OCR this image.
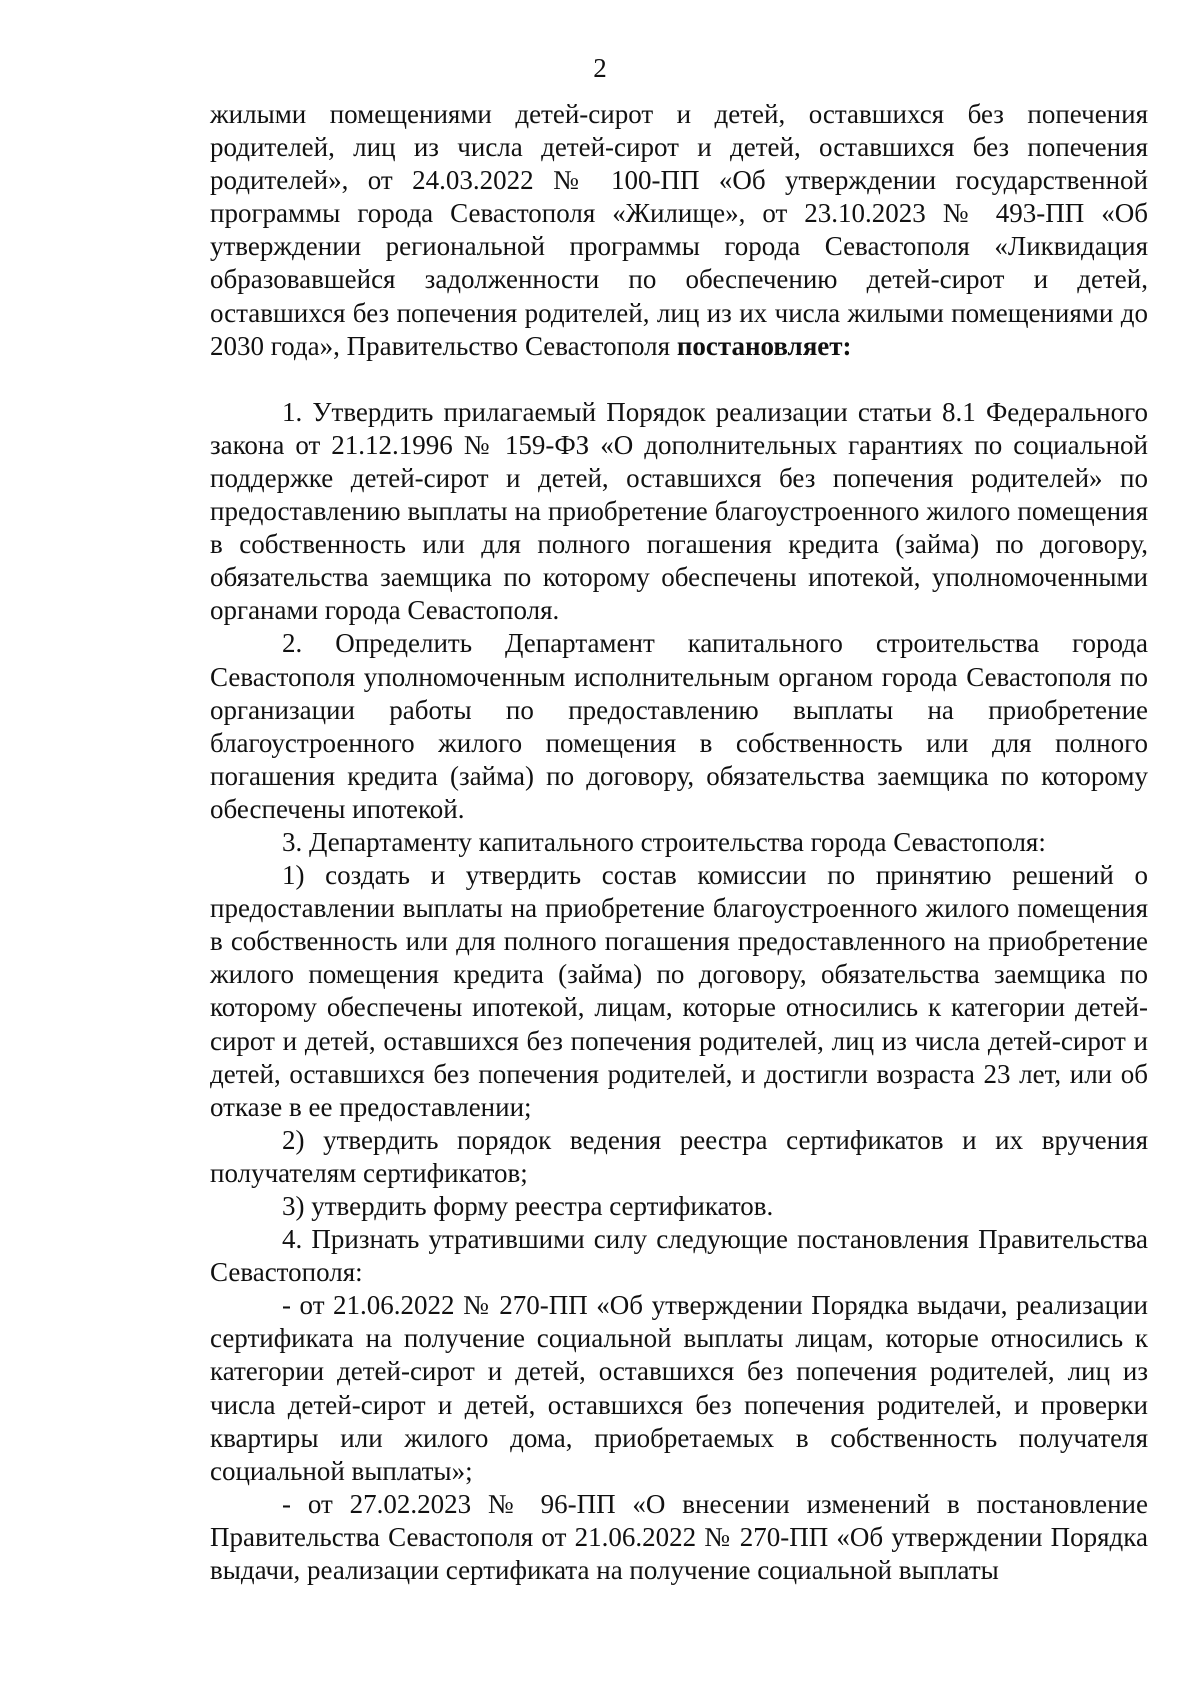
2

жилыми помещениями детей-сирот и детей, оставшихся без попечения родителей, лиц из числа детей-сирот и детей, оставшихся без попечения родителей», от 24.03.2022 № 100-ПП «Об утверждении государственной программы города Севастополя «Жилище», от 23.10.2023 № 493-ПП «Об утверждении региональной программы города Севастополя «Ликвидация образовавшейся задолженности по обеспечению детей-сирот и детей, оставшихся без попечения родителей, лиц из их числа жилыми помещениями до 2030 года», Правительство Севастополя постановляет:

1. Утвердить прилагаемый Порядок реализации статьи 8.1 Федерального закона от 21.12.1996 № 159-ФЗ «О дополнительных гарантиях по социальной поддержке детей-сирот и детей, оставшихся без попечения родителей» по предоставлению выплаты на приобретение благоустроенного жилого помещения в собственность или для полного погашения кредита (займа) по договору, обязательства заемщика по которому обеспечены ипотекой, уполномоченными органами города Севастополя.

2. Определить Департамент капитального строительства города Севастополя уполномоченным исполнительным органом города Севастополя по организации работы по предоставлению выплаты на приобретение благоустроенного жилого помещения в собственность или для полного погашения кредита (займа) по договору, обязательства заемщика по которому обеспечены ипотекой.

3. Департаменту капитального строительства города Севастополя:

1) создать и утвердить состав комиссии по принятию решений о предоставлении выплаты на приобретение благоустроенного жилого помещения в собственность или для полного погашения предоставленного на приобретение жилого помещения кредита (займа) по договору, обязательства заемщика по которому обеспечены ипотекой, лицам, которые относились к категории детей-сирот и детей, оставшихся без попечения родителей, лиц из числа детей-сирот и детей, оставшихся без попечения родителей, и достигли возраста 23 лет, или об отказе в ее предоставлении;

2) утвердить порядок ведения реестра сертификатов и их вручения получателям сертификатов;

3) утвердить форму реестра сертификатов.

4. Признать утратившими силу следующие постановления Правительства Севастополя:

- от 21.06.2022 № 270-ПП «Об утверждении Порядка выдачи, реализации сертификата на получение социальной выплаты лицам, которые относились к категории детей-сирот и детей, оставшихся без попечения родителей, лиц из числа детей-сирот и детей, оставшихся без попечения родителей, и проверки квартиры или жилого дома, приобретаемых в собственность получателя социальной выплаты»;

- от 27.02.2023 № 96-ПП «О внесении изменений в постановление Правительства Севастополя от 21.06.2022 № 270-ПП «Об утверждении Порядка выдачи, реализации сертификата на получение социальной выплаты
